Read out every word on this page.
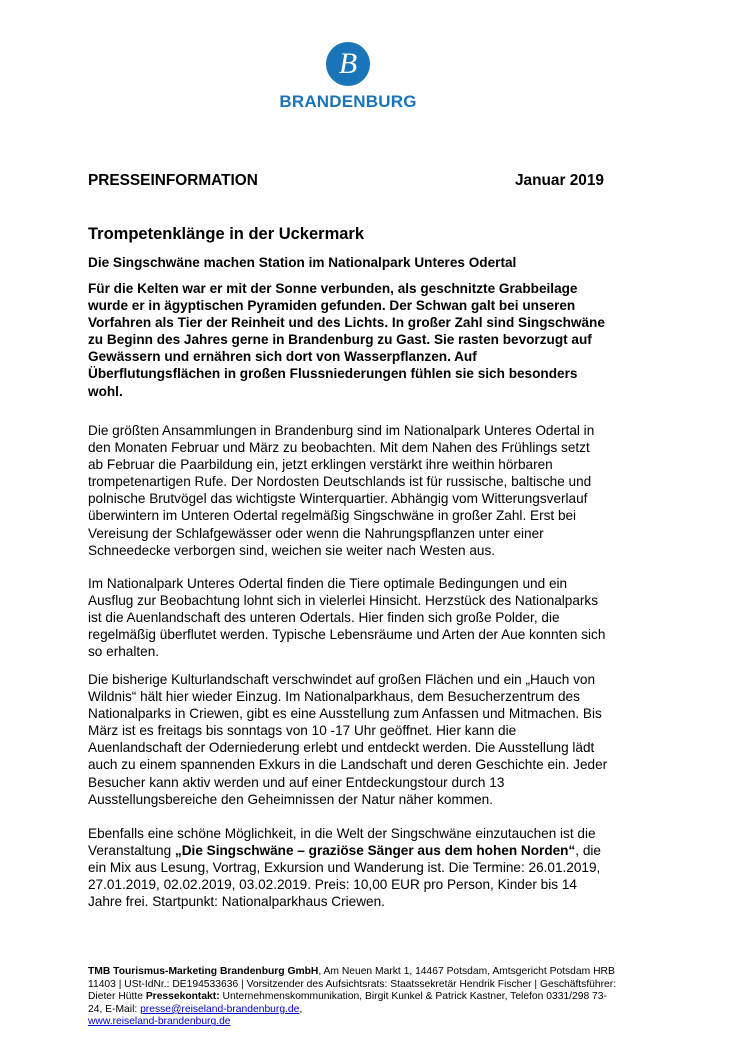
B
BRANDENBURG
PRESSEINFORMATION	Januar 2019
Trompetenklänge in der Uckermark
Die Singschwäne machen Station im Nationalpark Unteres Odertal

Für die Kelten war er mit der Sonne verbunden, als geschnitzte Grabbeilage wurde er in ägyptischen Pyramiden gefunden. Der Schwan galt bei unseren Vorfahren als Tier der Reinheit und des Lichts. In großer Zahl sind Singschwäne zu Beginn des Jahres gerne in Brandenburg zu Gast. Sie rasten bevorzugt auf Gewässern und ernähren sich dort von Wasserpflanzen. Auf Überflutungsflächen in großen Flussniederungen fühlen sie sich besonders wohl.

Die größten Ansammlungen in Brandenburg sind im Nationalpark Unteres Odertal in den Monaten Februar und März zu beobachten. Mit dem Nahen des Frühlings setzt ab Februar die Paarbildung ein, jetzt erklingen verstärkt ihre weithin hörbaren trompetenartigen Rufe. Der Nordosten Deutschlands ist für russische, baltische und polnische Brutvögel das wichtigste Winterquartier. Abhängig vom Witterungsverlauf überwintern im Unteren Odertal regelmäßig Singschwäne in großer Zahl. Erst bei Vereisung der Schlafgewässer oder wenn die Nahrungspflanzen unter einer Schneedecke verborgen sind, weichen sie weiter nach Westen aus.

Im Nationalpark Unteres Odertal finden die Tiere optimale Bedingungen und ein Ausflug zur Beobachtung lohnt sich in vielerlei Hinsicht. Herzstück des Nationalparks ist die Auenlandschaft des unteren Odertals. Hier finden sich große Polder, die regelmäßig überflutet werden. Typische Lebensräume und Arten der Aue konnten sich so erhalten.

Die bisherige Kulturlandschaft verschwindet auf großen Flächen und ein „Hauch von Wildnis“ hält hier wieder Einzug. Im Nationalparkhaus, dem Besucherzentrum des Nationalparks in Criewen, gibt es eine Ausstellung zum Anfassen und Mitmachen. Bis März ist es freitags bis sonntags von 10 -17 Uhr geöffnet. Hier kann die Auenlandschaft der Oderniederung erlebt und entdeckt werden. Die Ausstellung lädt auch zu einem spannenden Exkurs in die Landschaft und deren Geschichte ein. Jeder Besucher kann aktiv werden und auf einer Entdeckungstour durch 13 Ausstellungsbereiche den Geheimnissen der Natur näher kommen.

Ebenfalls eine schöne Möglichkeit, in die Welt der Singschwäne einzutauchen ist die Veranstaltung „Die Singschwäne – graziöse Sänger aus dem hohen Norden“, die ein Mix aus Lesung, Vortrag, Exkursion und Wanderung ist. Die Termine: 26.01.2019, 27.01.2019, 02.02.2019, 03.02.2019. Preis: 10,00 EUR pro Person, Kinder bis 14 Jahre frei. Startpunkt: Nationalparkhaus Criewen.

TMB Tourismus-Marketing Brandenburg GmbH, Am Neuen Markt 1, 14467 Potsdam, Amtsgericht Potsdam HRB 11403 | USt-IdNr.: DE194533636 | Vorsitzender des Aufsichtsrats: Staatssekretär Hendrik Fischer | Geschäftsführer: Dieter Hütte Pressekontakt: Unternehmenskommunikation, Birgit Kunkel & Patrick Kastner, Telefon 0331/298 73-24, E-Mail: presse@reiseland-brandenburg.de,
www.reiseland-brandenburg.de
